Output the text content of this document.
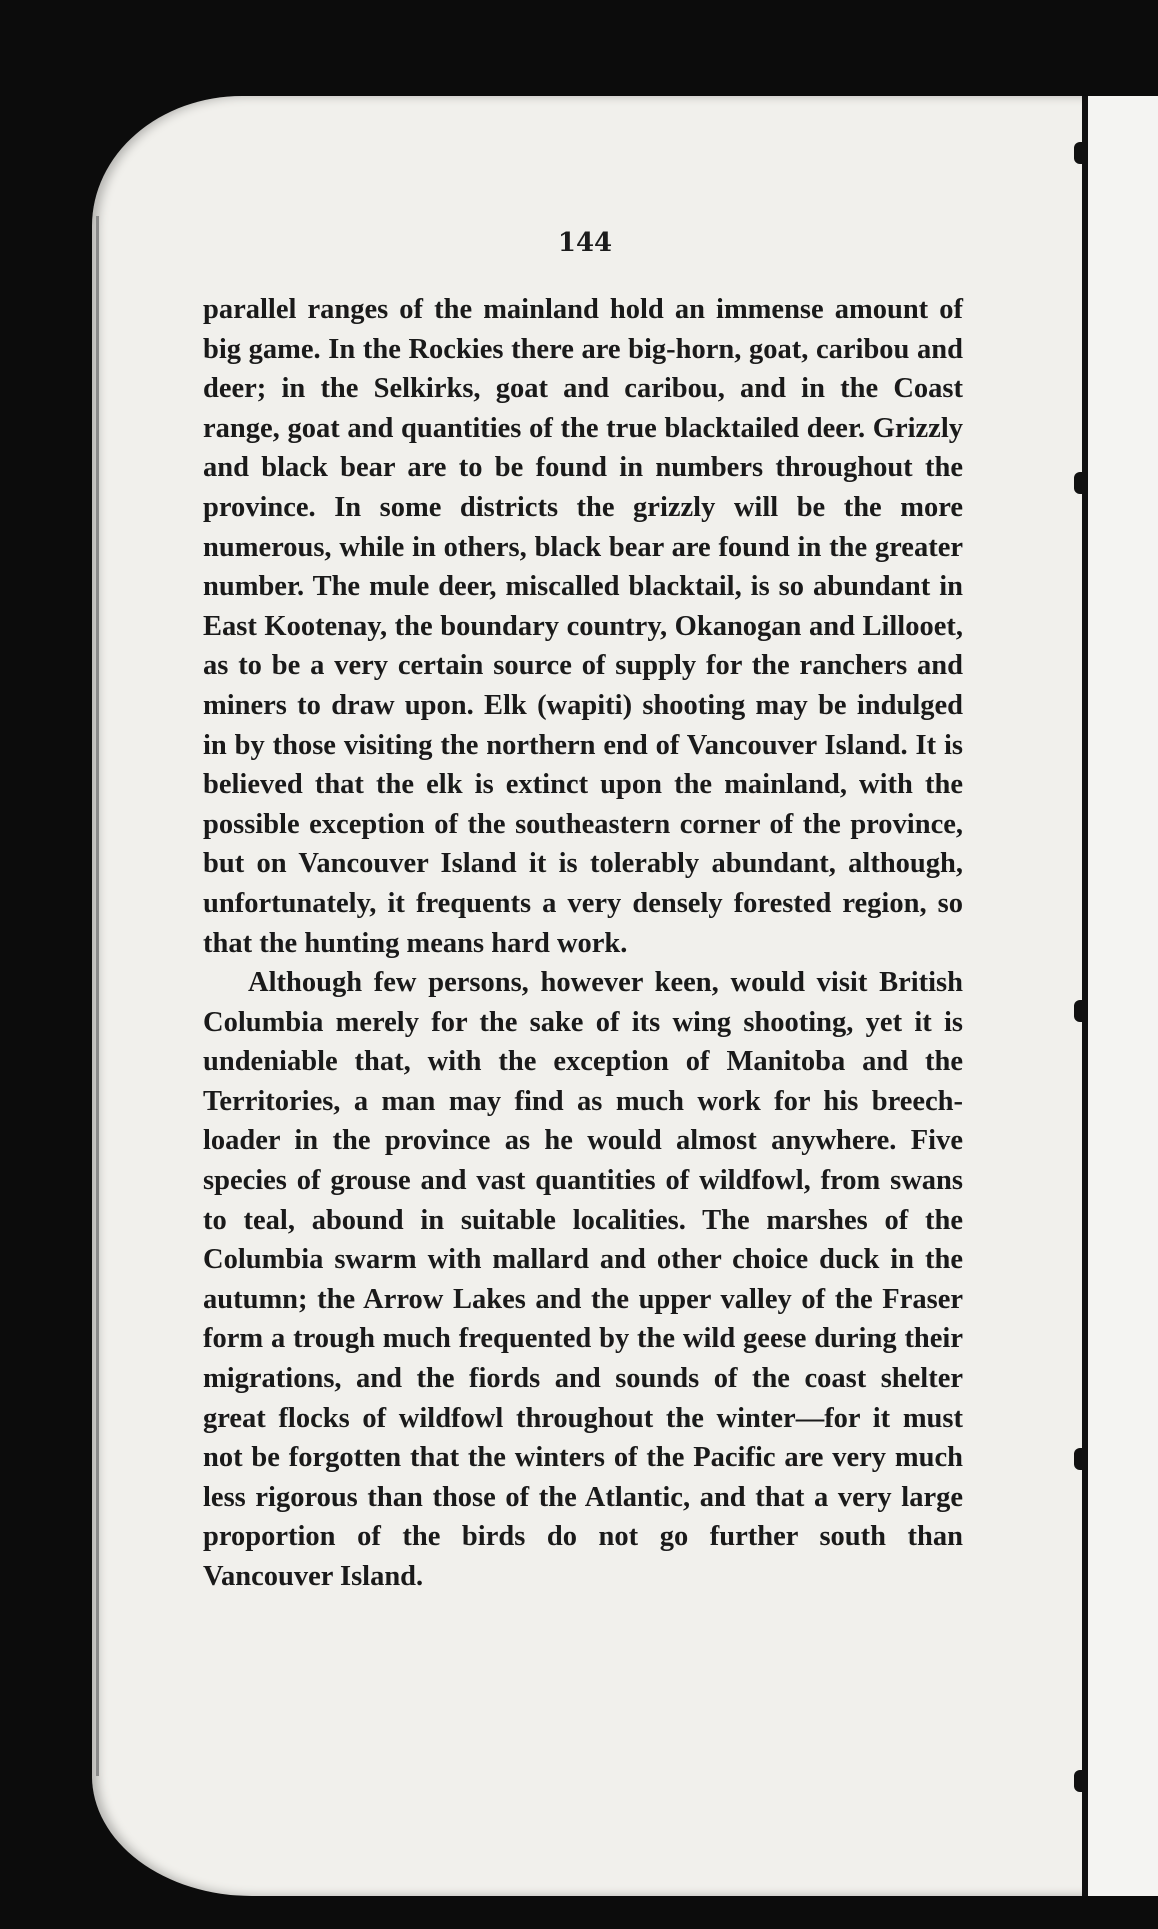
144

parallel ranges of the mainland hold an immense amount of big game. In the Rockies there are big-horn, goat, caribou and deer; in the Selkirks, goat and caribou, and in the Coast range, goat and quantities of the true blacktailed deer. Grizzly and black bear are to be found in numbers throughout the province. In some districts the grizzly will be the more numerous, while in others, black bear are found in the greater number. The mule deer, miscalled blacktail, is so abundant in East Kootenay, the boundary country, Okanogan and Lillooet, as to be a very certain source of supply for the ranchers and miners to draw upon. Elk (wapiti) shooting may be indulged in by those visiting the northern end of Vancouver Island. It is believed that the elk is extinct upon the mainland, with the possible exception of the southeastern corner of the province, but on Vancouver Island it is tolerably abundant, although, unfortunately, it frequents a very densely forested region, so that the hunting means hard work.

Although few persons, however keen, would visit British Columbia merely for the sake of its wing shooting, yet it is undeniable that, with the exception of Manitoba and the Territories, a man may find as much work for his breech-loader in the province as he would almost anywhere. Five species of grouse and vast quantities of wildfowl, from swans to teal, abound in suitable localities. The marshes of the Columbia swarm with mallard and other choice duck in the autumn; the Arrow Lakes and the upper valley of the Fraser form a trough much frequented by the wild geese during their migrations, and the fiords and sounds of the coast shelter great flocks of wildfowl throughout the winter—for it must not be forgotten that the winters of the Pacific are very much less rigorous than those of the Atlantic, and that a very large proportion of the birds do not go further south than Vancouver Island.
